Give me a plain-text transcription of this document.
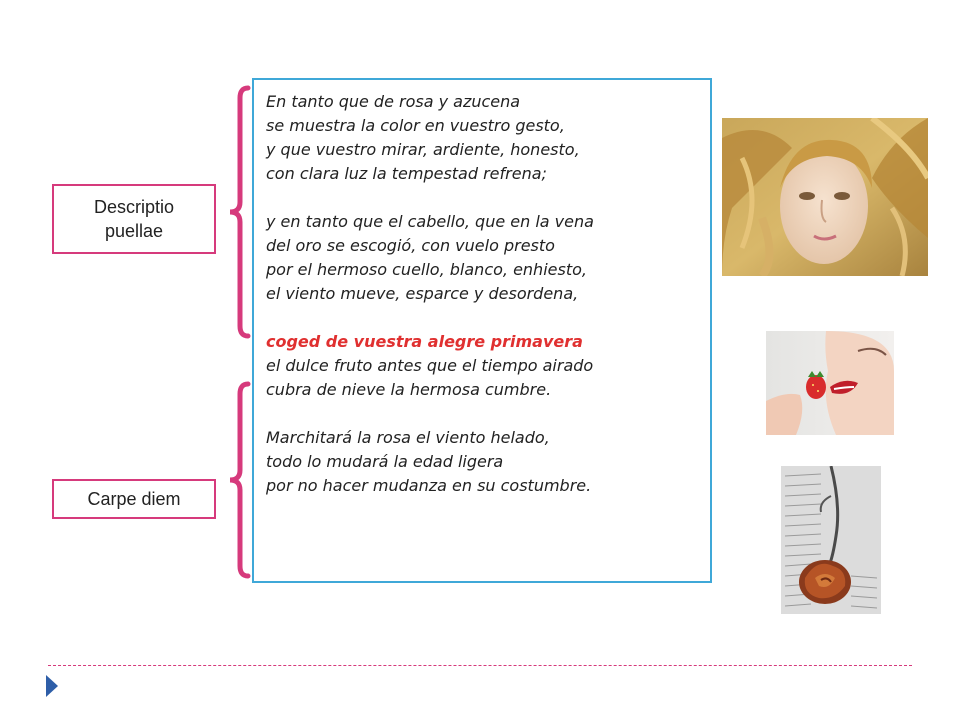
Descriptio
puellae
Carpe diem
En tanto que de rosa y azucena
se muestra la color en vuestro gesto,
y que vuestro mirar, ardiente, honesto,
con clara luz la tempestad refrena;
y en tanto que el cabello, que en la vena
del oro se escogió, con vuelo presto
por el hermoso cuello, blanco, enhiesto,
el viento mueve, esparce y desordena,
coged de vuestra alegre primavera
el dulce fruto antes que el tiempo airado
cubra de nieve la hermosa cumbre.
Marchitará la rosa el viento helado,
todo lo mudará la edad ligera
por no hacer mudanza en su costumbre.
